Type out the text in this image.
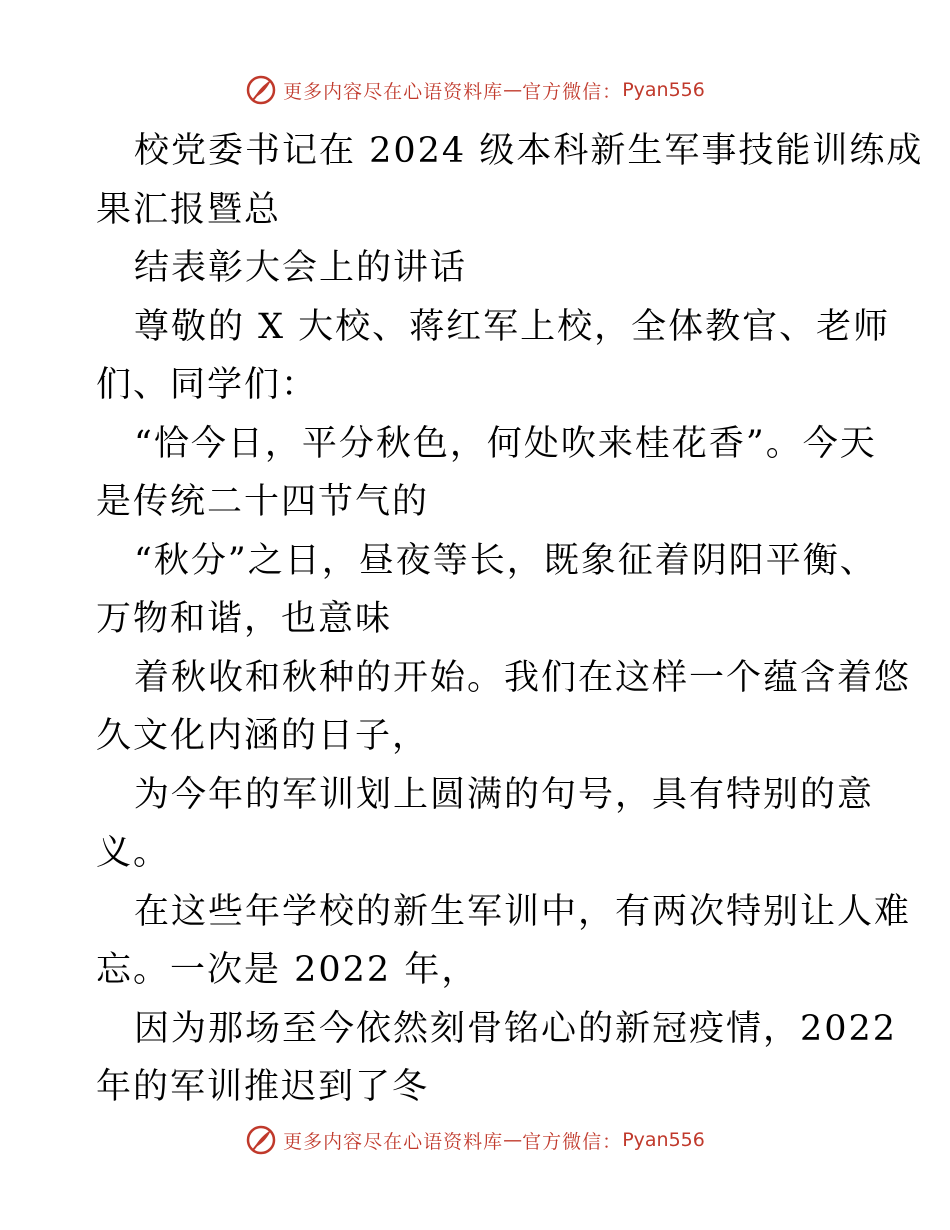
更多内容尽在心语资料库 — 官方微信： Pyan556
校党委书记在 2024 级本科新生军事技能训练成
果汇报暨总
结表彰大会上的讲话
尊敬的 X 大校、蒋红军上校，全体教官、老师
们、同学们：
“恰今日，平分秋色，何处吹来桂花香”。今天
是传统二十四节气的
“秋分”之日，昼夜等长，既象征着阴阳平衡、
万物和谐，也意味
着秋收和秋种的开始。我们在这样一个蕴含着悠
久文化内涵的日子，
为今年的军训划上圆满的句号，具有特别的意
义。
在这些年学校的新生军训中，有两次特别让人难
忘。一次是 2022 年，
因为那场至今依然刻骨铭心的新冠疫情，2022
年的军训推迟到了冬
更多内容尽在心语资料库 — 官方微信： Pyan556
